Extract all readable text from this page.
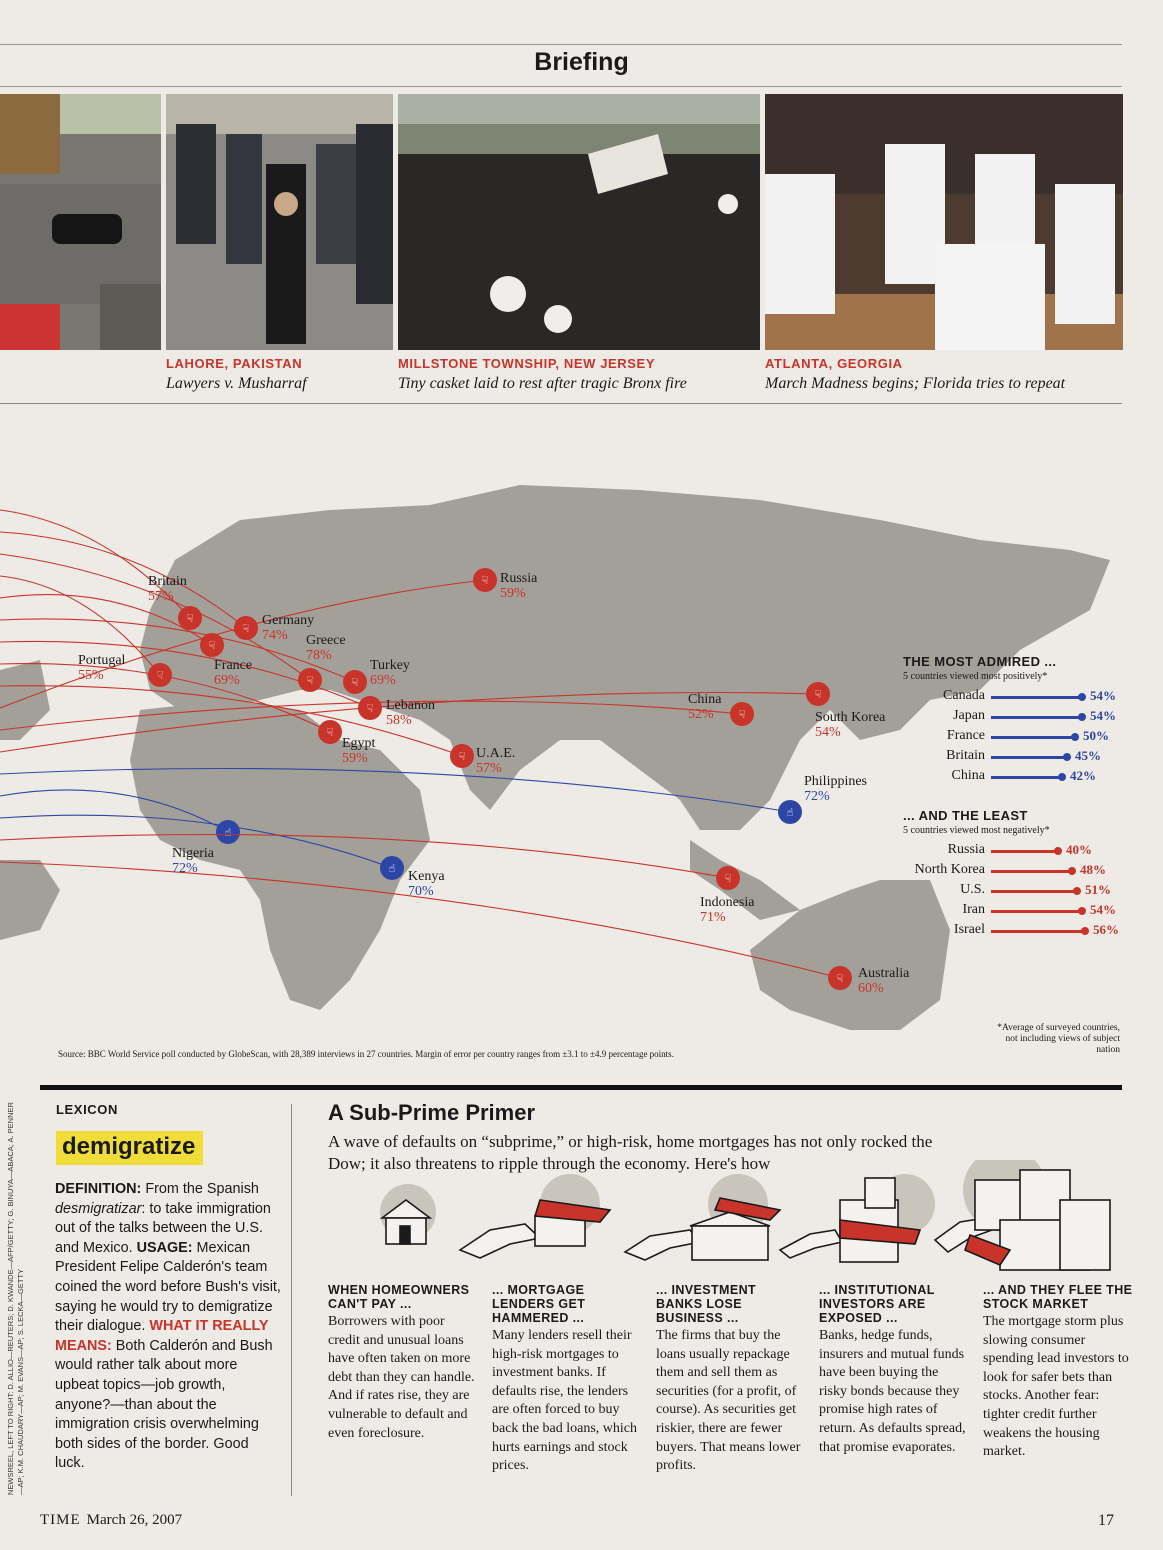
Briefing
LAHORE, PAKISTAN
Lawyers v. Musharraf
MILLSTONE TOWNSHIP, NEW JERSEY
Tiny casket laid to rest after tragic Bronx fire
ATLANTA, GEORGIA
March Madness begins; Florida tries to repeat
☟
☟
☟
☟
☟
☟
☟
☟
☟
☟
☟
☟
☝
☝
☝
☟
☟
Britain
57%
Germany
74%	Greece
78%
Portugal
55%
France
69%
Turkey
69%
Lebanon
58%
Egypt
59%	U.A.E.
57%
Russia
59%
China
52%	South Korea
54%
Philippines
72%
Nigeria
72%
Kenya
70%
Indonesia
71%
Australia
60%
THE MOST ADMIRED ...
5 countries viewed most positively*
Canada	54%
Japan	54%
France	50%
Britain	45%
China	42%
... AND THE LEAST
5 countries viewed most negatively*
Russia	40%
North Korea	48%
U.S.	51%
Iran	54%
Israel	56%
Source: BBC World Service poll conducted by GlobeScan, with 28,389 interviews in 27 countries. Margin of error per country ranges from ±3.1 to ±4.9 percentage points.
*Average of surveyed countries, not including views of subject nation
NEWSREEL, LEFT TO RIGHT: D. ALLIO—REUTERS; D. KWANDE—AFP/GETTY; G. BINUYA—ABACA; A. PENNER—AP; K.M. CHAUDARY—AP; M. EVANS—AP; S. LECKA—GETTY
LEXICON
demigratize
DEFINITION: From the Spanish desmigratizar: to take immigration out of the talks between the U.S. and Mexico. USAGE: Mexican President Felipe Calderón's team coined the word before Bush's visit, saying he would try to demigratize their dialogue. WHAT IT REALLY MEANS: Both Calderón and Bush would rather talk about more upbeat topics—job growth, anyone?—than about the immigration crisis overwhelming both sides of the border. Good luck.
A Sub-Prime Primer
A wave of defaults on “subprime,” or high-risk, home mortgages has not only rocked the Dow; it also threatens to ripple through the economy. Here's how
WHEN HOMEOWNERS CAN'T PAY ...
Borrowers with poor credit and unusual loans have often taken on more debt than they can handle. And if rates rise, they are vulnerable to default and even foreclosure.
... MORTGAGE LENDERS GET HAMMERED ...
Many lenders resell their high-risk mortgages to investment banks. If defaults rise, the lenders are often forced to buy back the bad loans, which hurts earnings and stock prices.
... INVESTMENT BANKS LOSE BUSINESS ...
The firms that buy the loans usually repackage them and sell them as securities (for a profit, of course). As securities get riskier, there are fewer buyers. That means lower profits.
... INSTITUTIONAL INVESTORS ARE EXPOSED ...
Banks, hedge funds, insurers and mutual funds have been buying the risky bonds because they promise high rates of return. As defaults spread, that promise evaporates.
... AND THEY FLEE THE STOCK MARKET
The mortgage storm plus slowing consumer spending lead investors to look for safer bets than stocks. Another fear: tighter credit further weakens the housing market.
TIME March 26, 2007	17
